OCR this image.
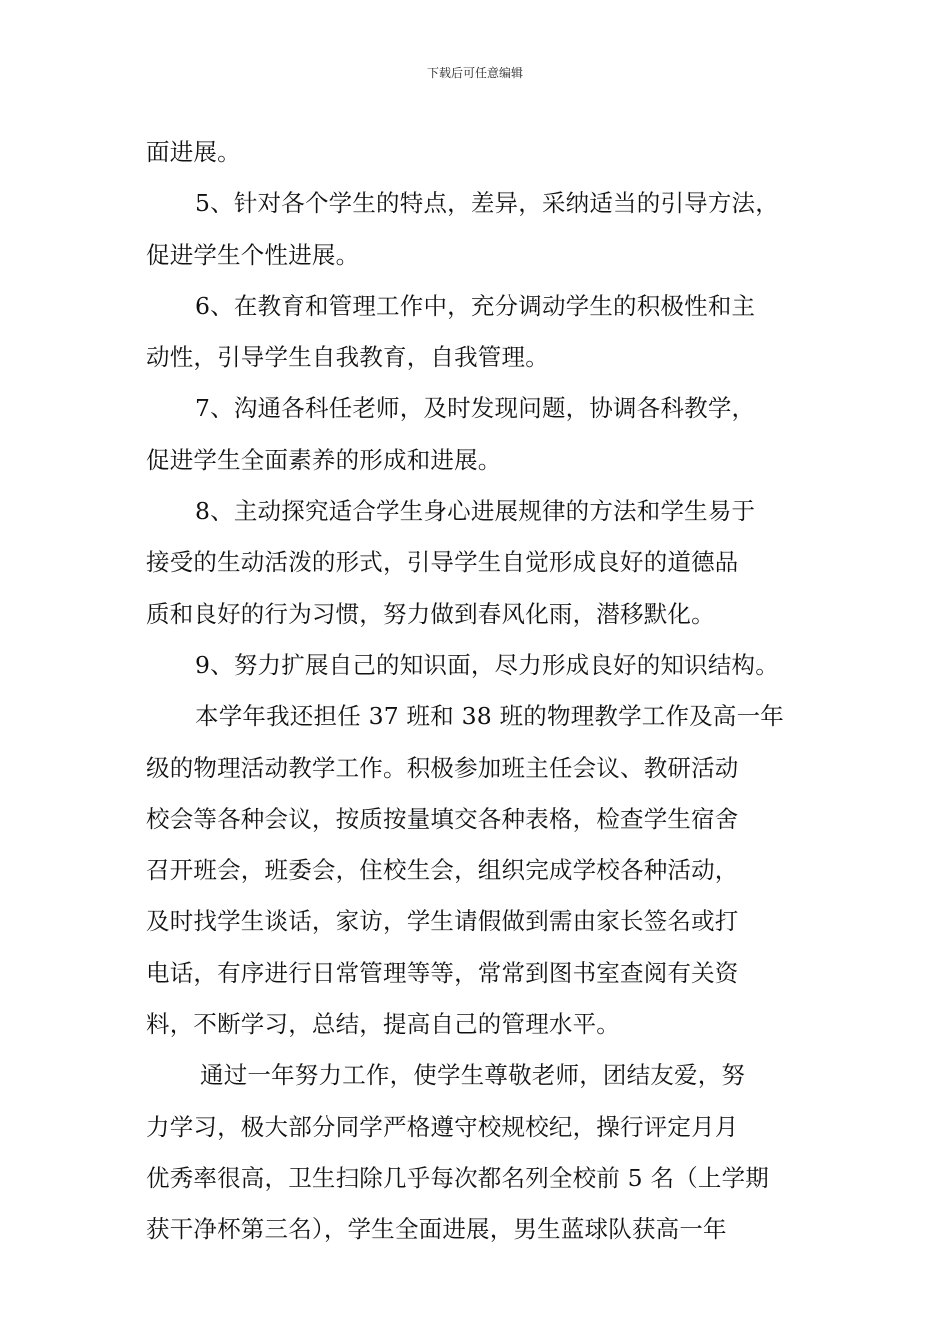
下载后可任意编辑
面进展。
5、针对各个学生的特点，差异，采纳适当的引导方法，
促进学生个性进展。
6、在教育和管理工作中，充分调动学生的积极性和主
动性，引导学生自我教育，自我管理。
7、沟通各科任老师，及时发现问题，协调各科教学，
促进学生全面素养的形成和进展。
8、主动探究适合学生身心进展规律的方法和学生易于
接受的生动活泼的形式，引导学生自觉形成良好的道德品
质和良好的行为习惯，努力做到春风化雨，潜移默化。
9、努力扩展自己的知识面，尽力形成良好的知识结构。
本学年我还担任 37 班和 38 班的物理教学工作及高一年
级的物理活动教学工作。积极参加班主任会议、教研活动
校会等各种会议，按质按量填交各种表格，检查学生宿舍
召开班会，班委会，住校生会，组织完成学校各种活动，
及时找学生谈话，家访，学生请假做到需由家长签名或打
电话，有序进行日常管理等等，常常到图书室查阅有关资
料，不断学习，总结，提高自己的管理水平。
通过一年努力工作，使学生尊敬老师，团结友爱，努
力学习，极大部分同学严格遵守校规校纪，操行评定月月
优秀率很高，卫生扫除几乎每次都名列全校前 5 名（上学期
获干净杯第三名），学生全面进展，男生蓝球队获高一年
